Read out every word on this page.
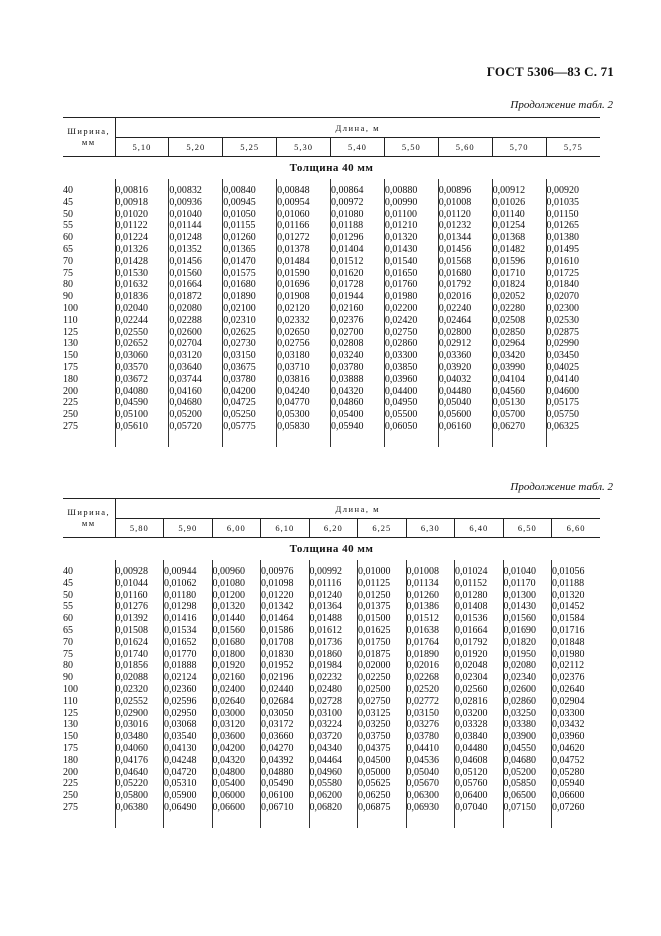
ГОСТ 5306—83 С. 71
Продолжение табл. 2
Ширина,
мм	Длина, м								
	5,10	5,20	5,25	5,30	5,40	5,50	5,60	5,70	5,75
Толщина 40 мм									

40	0,00816	0,00832	0,00840	0,00848	0,00864	0,00880	0,00896	0,00912	0,00920
45	0,00918	0,00936	0,00945	0,00954	0,00972	0,00990	0,01008	0,01026	0,01035
50	0,01020	0,01040	0,01050	0,01060	0,01080	0,01100	0,01120	0,01140	0,01150
55	0,01122	0,01144	0,01155	0,01166	0,01188	0,01210	0,01232	0,01254	0,01265
60	0,01224	0,01248	0,01260	0,01272	0,01296	0,01320	0,01344	0,01368	0,01380
65	0,01326	0,01352	0,01365	0,01378	0,01404	0,01430	0,01456	0,01482	0,01495
70	0,01428	0,01456	0,01470	0,01484	0,01512	0,01540	0,01568	0,01596	0,01610
75	0,01530	0,01560	0,01575	0,01590	0,01620	0,01650	0,01680	0,01710	0,01725
80	0,01632	0,01664	0,01680	0,01696	0,01728	0,01760	0,01792	0,01824	0,01840
90	0,01836	0,01872	0,01890	0,01908	0,01944	0,01980	0,02016	0,02052	0,02070
100	0,02040	0,02080	0,02100	0,02120	0,02160	0,02200	0,02240	0,02280	0,02300
110	0,02244	0,02288	0,02310	0,02332	0,02376	0,02420	0,02464	0,02508	0,02530
125	0,02550	0,02600	0,02625	0,02650	0,02700	0,02750	0,02800	0,02850	0,02875
130	0,02652	0,02704	0,02730	0,02756	0,02808	0,02860	0,02912	0,02964	0,02990
150	0,03060	0,03120	0,03150	0,03180	0,03240	0,03300	0,03360	0,03420	0,03450
175	0,03570	0,03640	0,03675	0,03710	0,03780	0,03850	0,03920	0,03990	0,04025
180	0,03672	0,03744	0,03780	0,03816	0,03888	0,03960	0,04032	0,04104	0,04140
200	0,04080	0,04160	0,04200	0,04240	0,04320	0,04400	0,04480	0,04560	0,04600
225	0,04590	0,04680	0,04725	0,04770	0,04860	0,04950	0,05040	0,05130	0,05175
250	0,05100	0,05200	0,05250	0,05300	0,05400	0,05500	0,05600	0,05700	0,05750
275	0,05610	0,05720	0,05775	0,05830	0,05940	0,06050	0,06160	0,06270	0,06325

Продолжение табл. 2
Ширина,
мм	Длина, м									
	5,80	5,90	6,00	6,10	6,20	6,25	6,30	6,40	6,50	6,60
Толщина 40 мм										

40	0,00928	0,00944	0,00960	0,00976	0,00992	0,01000	0,01008	0,01024	0,01040	0,01056
45	0,01044	0,01062	0,01080	0,01098	0,01116	0,01125	0,01134	0,01152	0,01170	0,01188
50	0,01160	0,01180	0,01200	0,01220	0,01240	0,01250	0,01260	0,01280	0,01300	0,01320
55	0,01276	0,01298	0,01320	0,01342	0,01364	0,01375	0,01386	0,01408	0,01430	0,01452
60	0,01392	0,01416	0,01440	0,01464	0,01488	0,01500	0,01512	0,01536	0,01560	0,01584
65	0,01508	0,01534	0,01560	0,01586	0,01612	0,01625	0,01638	0,01664	0,01690	0,01716
70	0,01624	0,01652	0,01680	0,01708	0,01736	0,01750	0,01764	0,01792	0,01820	0,01848
75	0,01740	0,01770	0,01800	0,01830	0,01860	0,01875	0,01890	0,01920	0,01950	0,01980
80	0,01856	0,01888	0,01920	0,01952	0,01984	0,02000	0,02016	0,02048	0,02080	0,02112
90	0,02088	0,02124	0,02160	0,02196	0,02232	0,02250	0,02268	0,02304	0,02340	0,02376
100	0,02320	0,02360	0,02400	0,02440	0,02480	0,02500	0,02520	0,02560	0,02600	0,02640
110	0,02552	0,02596	0,02640	0,02684	0,02728	0,02750	0,02772	0,02816	0,02860	0,02904
125	0,02900	0,02950	0,03000	0,03050	0,03100	0,03125	0,03150	0,03200	0,03250	0,03300
130	0,03016	0,03068	0,03120	0,03172	0,03224	0,03250	0,03276	0,03328	0,03380	0,03432
150	0,03480	0,03540	0,03600	0,03660	0,03720	0,03750	0,03780	0,03840	0,03900	0,03960
175	0,04060	0,04130	0,04200	0,04270	0,04340	0,04375	0,04410	0,04480	0,04550	0,04620
180	0,04176	0,04248	0,04320	0,04392	0,04464	0,04500	0,04536	0,04608	0,04680	0,04752
200	0,04640	0,04720	0,04800	0,04880	0,04960	0,05000	0,05040	0,05120	0,05200	0,05280
225	0,05220	0,05310	0,05400	0,05490	0,05580	0,05625	0,05670	0,05760	0,05850	0,05940
250	0,05800	0,05900	0,06000	0,06100	0,06200	0,06250	0,06300	0,06400	0,06500	0,06600
275	0,06380	0,06490	0,06600	0,06710	0,06820	0,06875	0,06930	0,07040	0,07150	0,07260
